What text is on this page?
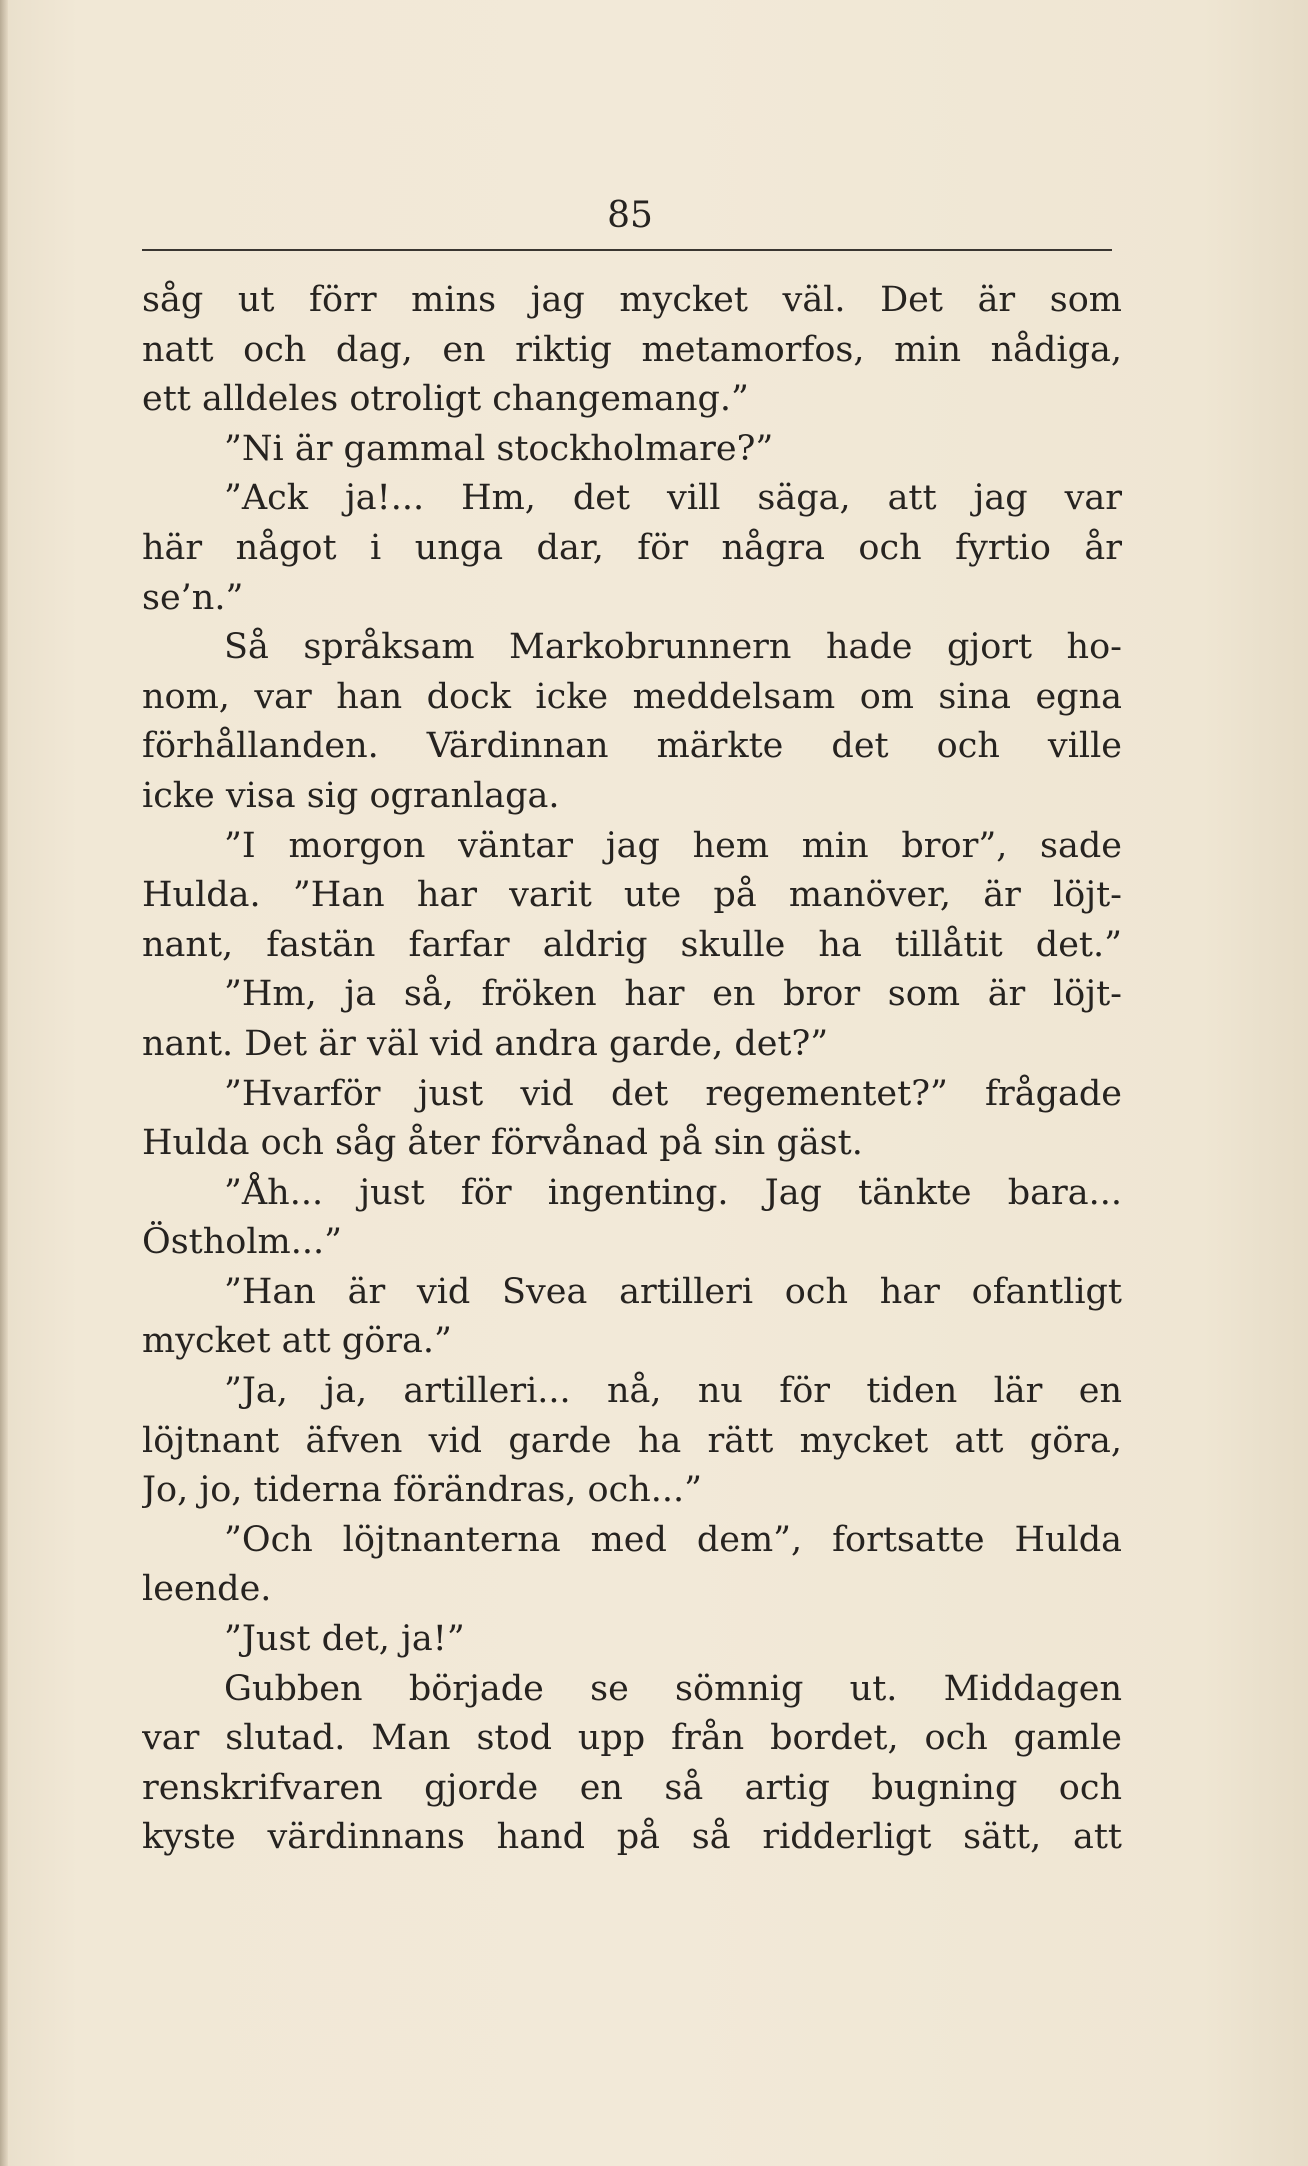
85
såg ut förr mins jag mycket väl. Det är som
natt och dag, en riktig metamorfos, min nådiga,
ett alldeles otroligt changemang.”
”Ni är gammal stockholmare?”
”Ack ja!... Hm, det vill säga, att jag var
här något i unga dar, för några och fyrtio år
se’n.”
Så språksam Markobrunnern hade gjort ho-
nom, var han dock icke meddelsam om sina egna
förhållanden. Värdinnan märkte det och ville
icke visa sig ogranlaga.
”I morgon väntar jag hem min bror”, sade
Hulda. ”Han har varit ute på manöver, är löjt-
nant, fastän farfar aldrig skulle ha tillåtit det.”
”Hm, ja så, fröken har en bror som är löjt-
nant. Det är väl vid andra garde, det?”
”Hvarför just vid det regementet?” frågade
Hulda och såg åter förvånad på sin gäst.
”Åh... just för ingenting. Jag tänkte bara...
Östholm...”
”Han är vid Svea artilleri och har ofantligt
mycket att göra.”
”Ja, ja, artilleri... nå, nu för tiden lär en
löjtnant äfven vid garde ha rätt mycket att göra,
Jo, jo, tiderna förändras, och...”
”Och löjtnanterna med dem”, fortsatte Hulda
leende.
”Just det, ja!”
Gubben började se sömnig ut. Middagen
var slutad. Man stod upp från bordet, och gamle
renskrifvaren gjorde en så artig bugning och
kyste värdinnans hand på så ridderligt sätt, att
